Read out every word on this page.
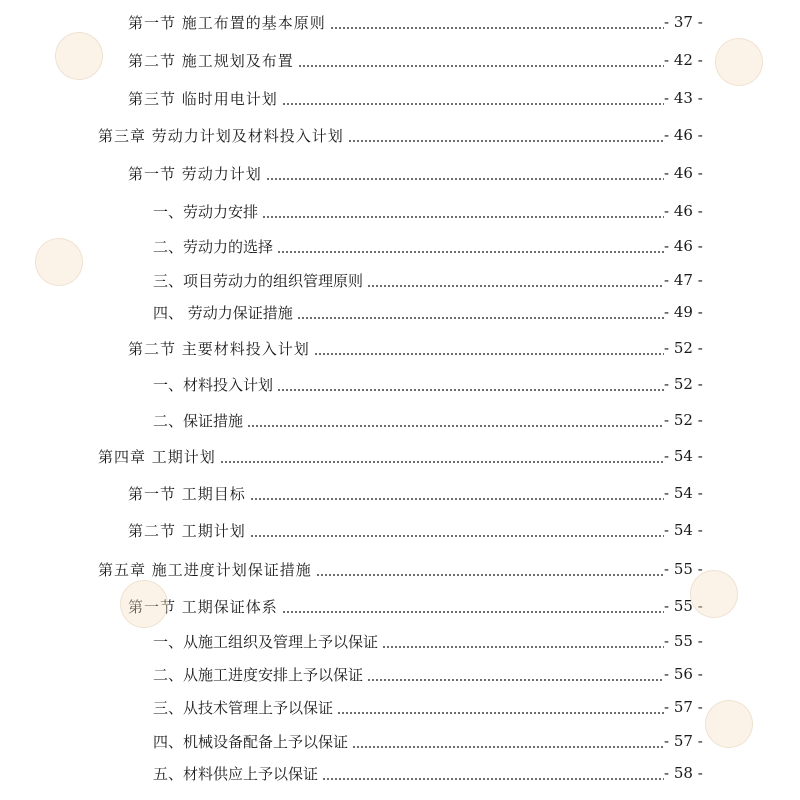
第一节 施工布置的基本原则	- 37 -
第二节 施工规划及布置	- 42 -
第三节 临时用电计划	- 43 -
第三章 劳动力计划及材料投入计划	- 46 -
第一节 劳动力计划	- 46 -
一、劳动力安排	- 46 -
二、劳动力的选择	- 46 -
三、项目劳动力的组织管理原则	- 47 -
四、 劳动力保证措施	- 49 -
第二节 主要材料投入计划	- 52 -
一、材料投入计划	- 52 -
二、保证措施	- 52 -
第四章 工期计划	- 54 -
第一节 工期目标	- 54 -
第二节 工期计划	- 54 -
第五章 施工进度计划保证措施	- 55 -
第一节 工期保证体系	- 55 -
一、从施工组织及管理上予以保证	- 55 -
二、从施工进度安排上予以保证	- 56 -
三、从技术管理上予以保证	- 57 -
四、机械设备配备上予以保证	- 57 -
五、材料供应上予以保证	- 58 -
